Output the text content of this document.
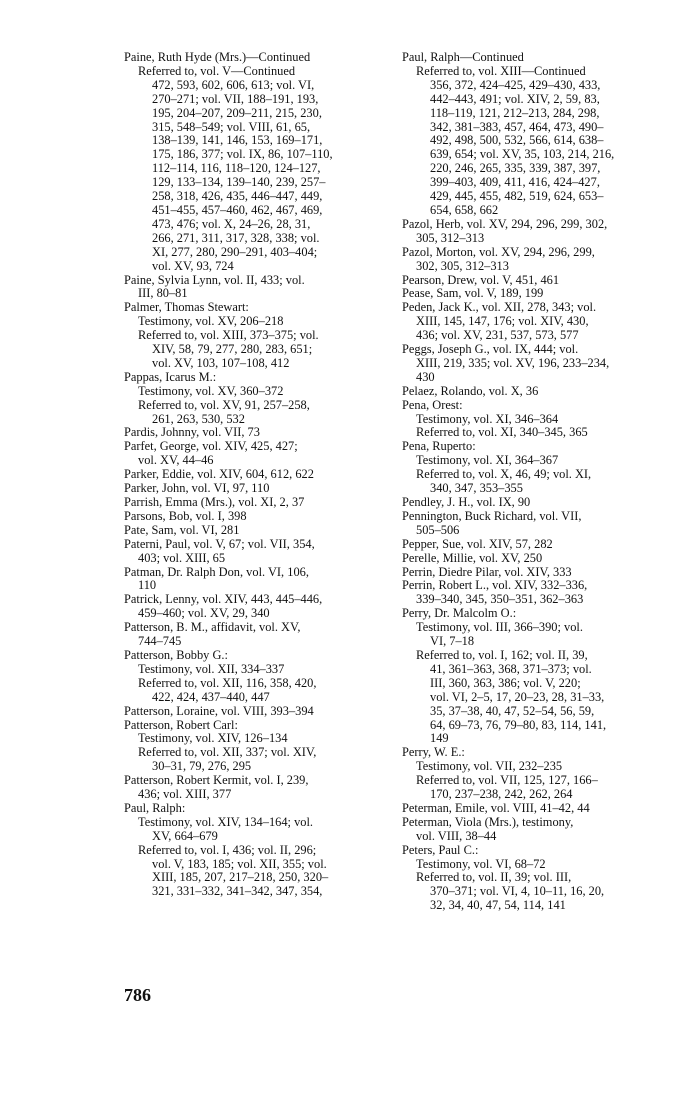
Paine, Ruth Hyde (Mrs.)—Continued

Referred to, vol. V—Continued

472, 593, 602, 606, 613; vol. VI,

270–271; vol. VII, 188–191, 193,

195, 204–207, 209–211, 215, 230,

315, 548–549; vol. VIII, 61, 65,

138–139, 141, 146, 153, 169–171,

175, 186, 377; vol. IX, 86, 107–110,

112–114, 116, 118–120, 124–127,

129, 133–134, 139–140, 239, 257–

258, 318, 426, 435, 446–447, 449,

451–455, 457–460, 462, 467, 469,

473, 476; vol. X, 24–26, 28, 31,

266, 271, 311, 317, 328, 338; vol.

XI, 277, 280, 290–291, 403–404;

vol. XV, 93, 724

Paine, Sylvia Lynn, vol. II, 433; vol.

III, 80–81

Palmer, Thomas Stewart:

Testimony, vol. XV, 206–218

Referred to, vol. XIII, 373–375; vol.

XIV, 58, 79, 277, 280, 283, 651;

vol. XV, 103, 107–108, 412

Pappas, Icarus M.:

Testimony, vol. XV, 360–372

Referred to, vol. XV, 91, 257–258,

261, 263, 530, 532

Pardis, Johnny, vol. VII, 73

Parfet, George, vol. XIV, 425, 427;

vol. XV, 44–46

Parker, Eddie, vol. XIV, 604, 612, 622

Parker, John, vol. VI, 97, 110

Parrish, Emma (Mrs.), vol. XI, 2, 37

Parsons, Bob, vol. I, 398

Pate, Sam, vol. VI, 281

Paterni, Paul, vol. V, 67; vol. VII, 354,

403; vol. XIII, 65

Patman, Dr. Ralph Don, vol. VI, 106,

110

Patrick, Lenny, vol. XIV, 443, 445–446,

459–460; vol. XV, 29, 340

Patterson, B. M., affidavit, vol. XV,

744–745

Patterson, Bobby G.:

Testimony, vol. XII, 334–337

Referred to, vol. XII, 116, 358, 420,

422, 424, 437–440, 447

Patterson, Loraine, vol. VIII, 393–394

Patterson, Robert Carl:

Testimony, vol. XIV, 126–134

Referred to, vol. XII, 337; vol. XIV,

30–31, 79, 276, 295

Patterson, Robert Kermit, vol. I, 239,

436; vol. XIII, 377

Paul, Ralph:

Testimony, vol. XIV, 134–164; vol.

XV, 664–679

Referred to, vol. I, 436; vol. II, 296;

vol. V, 183, 185; vol. XII, 355; vol.

XIII, 185, 207, 217–218, 250, 320–

321, 331–332, 341–342, 347, 354,

Paul, Ralph—Continued

Referred to, vol. XIII—Continued

356, 372, 424–425, 429–430, 433,

442–443, 491; vol. XIV, 2, 59, 83,

118–119, 121, 212–213, 284, 298,

342, 381–383, 457, 464, 473, 490–

492, 498, 500, 532, 566, 614, 638–

639, 654; vol. XV, 35, 103, 214, 216,

220, 246, 265, 335, 339, 387, 397,

399–403, 409, 411, 416, 424–427,

429, 445, 455, 482, 519, 624, 653–

654, 658, 662

Pazol, Herb, vol. XV, 294, 296, 299, 302,

305, 312–313

Pazol, Morton, vol. XV, 294, 296, 299,

302, 305, 312–313

Pearson, Drew, vol. V, 451, 461

Pease, Sam, vol. V, 189, 199

Peden, Jack K., vol. XII, 278, 343; vol.

XIII, 145, 147, 176; vol. XIV, 430,

436; vol. XV, 231, 537, 573, 577

Peggs, Joseph G., vol. IX, 444; vol.

XIII, 219, 335; vol. XV, 196, 233–234,

430

Pelaez, Rolando, vol. X, 36

Pena, Orest:

Testimony, vol. XI, 346–364

Referred to, vol. XI, 340–345, 365

Pena, Ruperto:

Testimony, vol. XI, 364–367

Referred to, vol. X, 46, 49; vol. XI,

340, 347, 353–355

Pendley, J. H., vol. IX, 90

Pennington, Buck Richard, vol. VII,

505–506

Pepper, Sue, vol. XIV, 57, 282

Perelle, Millie, vol. XV, 250

Perrin, Diedre Pilar, vol. XIV, 333

Perrin, Robert L., vol. XIV, 332–336,

339–340, 345, 350–351, 362–363

Perry, Dr. Malcolm O.:

Testimony, vol. III, 366–390; vol.

VI, 7–18

Referred to, vol. I, 162; vol. II, 39,

41, 361–363, 368, 371–373; vol.

III, 360, 363, 386; vol. V, 220;

vol. VI, 2–5, 17, 20–23, 28, 31–33,

35, 37–38, 40, 47, 52–54, 56, 59,

64, 69–73, 76, 79–80, 83, 114, 141,

149

Perry, W. E.:

Testimony, vol. VII, 232–235

Referred to, vol. VII, 125, 127, 166–

170, 237–238, 242, 262, 264

Peterman, Emile, vol. VIII, 41–42, 44

Peterman, Viola (Mrs.), testimony,

vol. VIII, 38–44

Peters, Paul C.:

Testimony, vol. VI, 68–72

Referred to, vol. II, 39; vol. III,

370–371; vol. VI, 4, 10–11, 16, 20,

32, 34, 40, 47, 54, 114, 141

786
